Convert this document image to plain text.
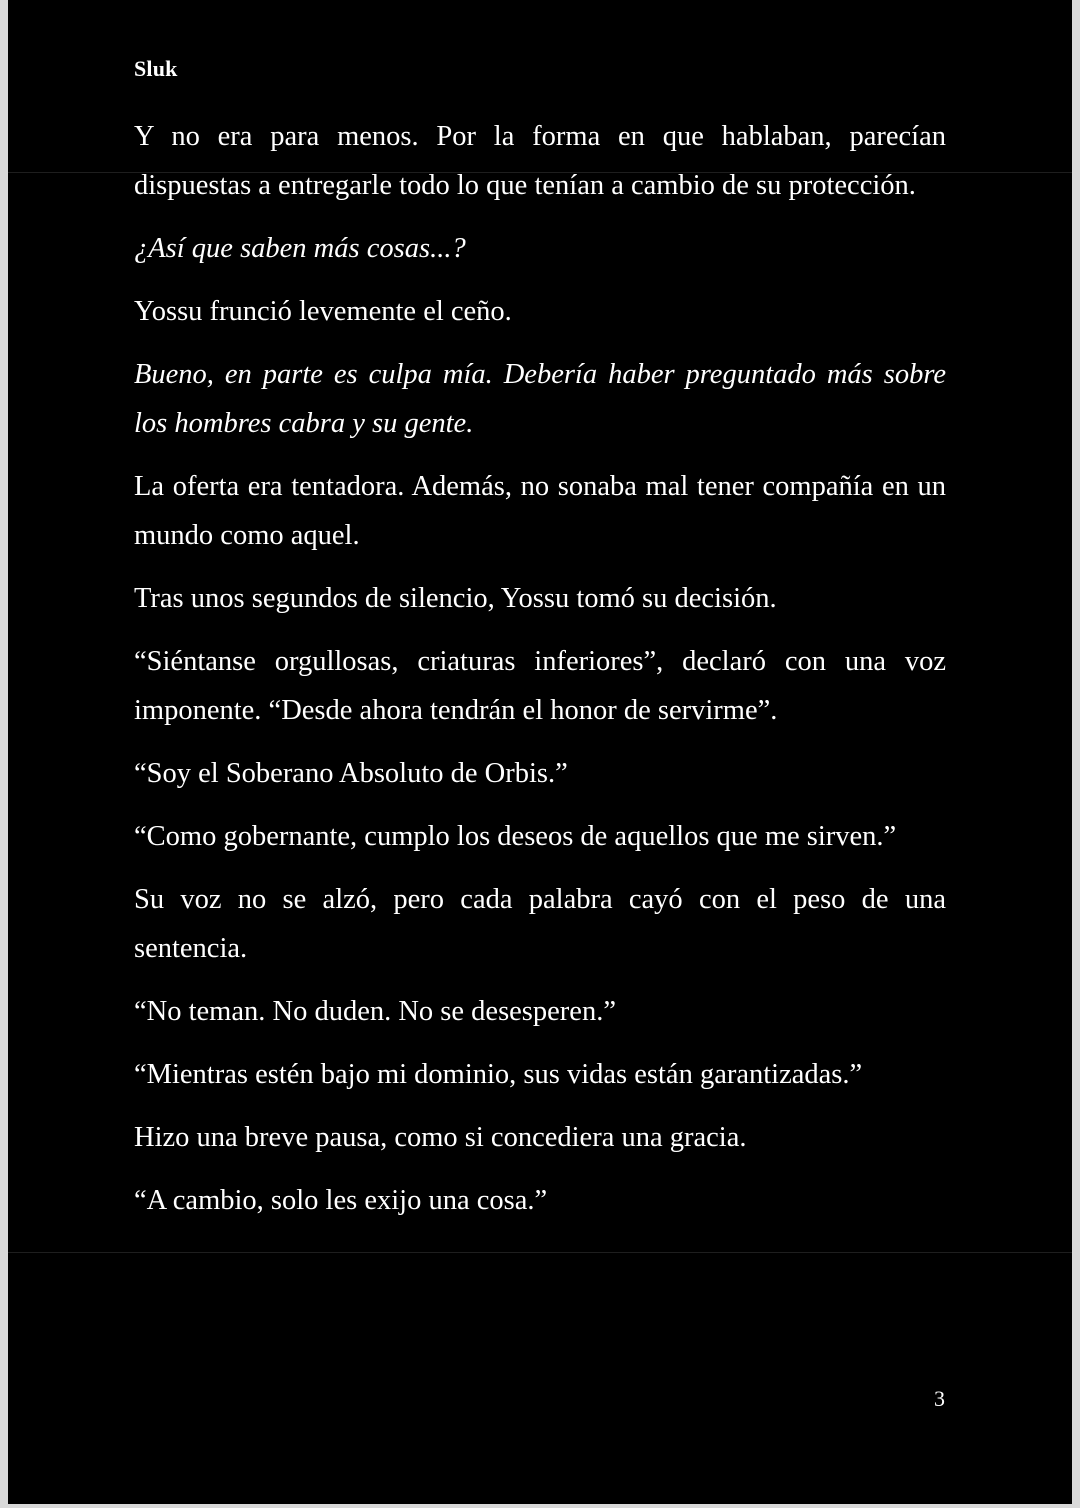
Sluk

Y no era para menos. Por la forma en que hablaban, parecían dispuestas a entregarle todo lo que tenían a cambio de su protección.

¿Así que saben más cosas...?

Yossu frunció levemente el ceño.

Bueno, en parte es culpa mía. Debería haber preguntado más sobre los hombres cabra y su gente.

La oferta era tentadora. Además, no sonaba mal tener compañía en un mundo como aquel.

Tras unos segundos de silencio, Yossu tomó su decisión.

“Siéntanse orgullosas, criaturas inferiores”, declaró con una voz imponente. “Desde ahora tendrán el honor de servirme”.

“Soy el Soberano Absoluto de Orbis.”

“Como gobernante, cumplo los deseos de aquellos que me sirven.”

Su voz no se alzó, pero cada palabra cayó con el peso de una sentencia.

“No teman. No duden. No se desesperen.”

“Mientras estén bajo mi dominio, sus vidas están garantizadas.”

Hizo una breve pausa, como si concediera una gracia.

“A cambio, solo les exijo una cosa.”

3
